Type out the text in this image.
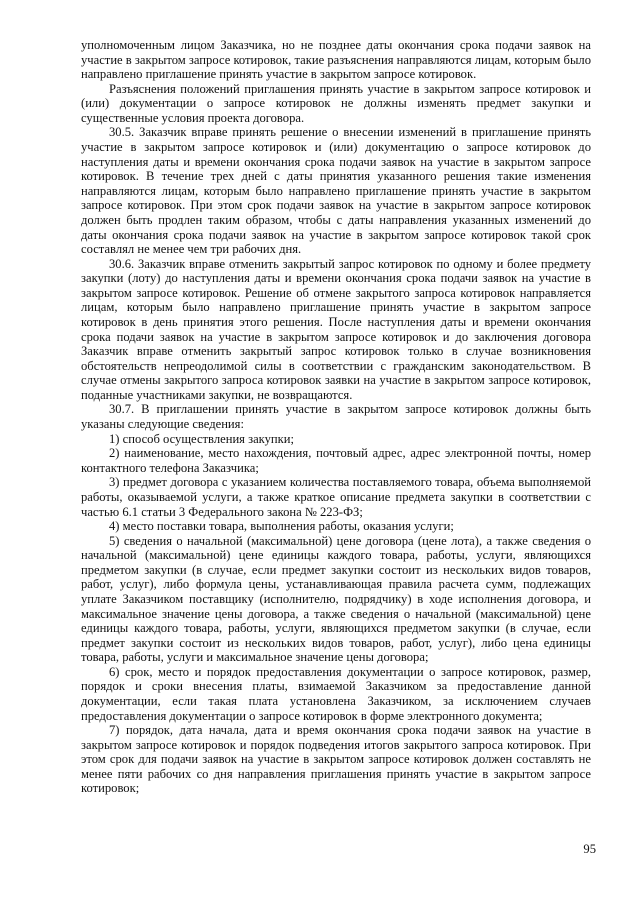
уполномоченным лицом Заказчика, но не позднее даты окончания срока подачи заявок на участие в закрытом запросе котировок, такие разъяснения направляются лицам, которым было направлено приглашение принять участие в закрытом запросе котировок.

Разъяснения положений приглашения принять участие в закрытом запросе котировок и (или) документации о запросе котировок не должны изменять предмет закупки и существенные условия проекта договора.

30.5. Заказчик вправе принять решение о внесении изменений в приглашение принять участие в закрытом запросе котировок и (или) документацию о запросе котировок до наступления даты и времени окончания срока подачи заявок на участие в закрытом запросе котировок. В течение трех дней с даты принятия указанного решения такие изменения направляются лицам, которым было направлено приглашение принять участие в закрытом запросе котировок. При этом срок подачи заявок на участие в закрытом запросе котировок должен быть продлен таким образом, чтобы с даты направления указанных изменений до даты окончания срока подачи заявок на участие в закрытом запросе котировок такой срок составлял не менее чем три рабочих дня.

30.6. Заказчик вправе отменить закрытый запрос котировок по одному и более предмету закупки (лоту) до наступления даты и времени окончания срока подачи заявок на участие в закрытом запросе котировок. Решение об отмене закрытого запроса котировок направляется лицам, которым было направлено приглашение принять участие в закрытом запросе котировок в день принятия этого решения. После наступления даты и времени окончания срока подачи заявок на участие в закрытом запросе котировок и до заключения договора Заказчик вправе отменить закрытый запрос котировок только в случае возникновения обстоятельств непреодолимой силы в соответствии с гражданским законодательством. В случае отмены закрытого запроса котировок заявки на участие в закрытом запросе котировок, поданные участниками закупки, не возвращаются.

30.7. В приглашении принять участие в закрытом запросе котировок должны быть указаны следующие сведения:

1) способ осуществления закупки;

2) наименование, место нахождения, почтовый адрес, адрес электронной почты, номер контактного телефона Заказчика;

3) предмет договора с указанием количества поставляемого товара, объема выполняемой работы, оказываемой услуги, а также краткое описание предмета закупки в соответствии с частью 6.1 статьи 3 Федерального закона № 223-ФЗ;

4) место поставки товара, выполнения работы, оказания услуги;

5) сведения о начальной (максимальной) цене договора (цене лота), а также сведения о начальной (максимальной) цене единицы каждого товара, работы, услуги, являющихся предметом закупки (в случае, если предмет закупки состоит из нескольких видов товаров, работ, услуг), либо формула цены, устанавливающая правила расчета сумм, подлежащих уплате Заказчиком поставщику (исполнителю, подрядчику) в ходе исполнения договора, и максимальное значение цены договора, а также сведения о начальной (максимальной) цене единицы каждого товара, работы, услуги, являющихся предметом закупки (в случае, если предмет закупки состоит из нескольких видов товаров, работ, услуг), либо цена единицы товара, работы, услуги и максимальное значение цены договора;

6) срок, место и порядок предоставления документации о запросе котировок, размер, порядок и сроки внесения платы, взимаемой Заказчиком за предоставление данной документации, если такая плата установлена Заказчиком, за исключением случаев предоставления документации о запросе котировок в форме электронного документа;

7) порядок, дата начала, дата и время окончания срока подачи заявок на участие в закрытом запросе котировок и порядок подведения итогов закрытого запроса котировок. При этом срок для подачи заявок на участие в закрытом запросе котировок должен составлять не менее пяти рабочих со дня направления приглашения принять участие в закрытом запросе котировок;

95
